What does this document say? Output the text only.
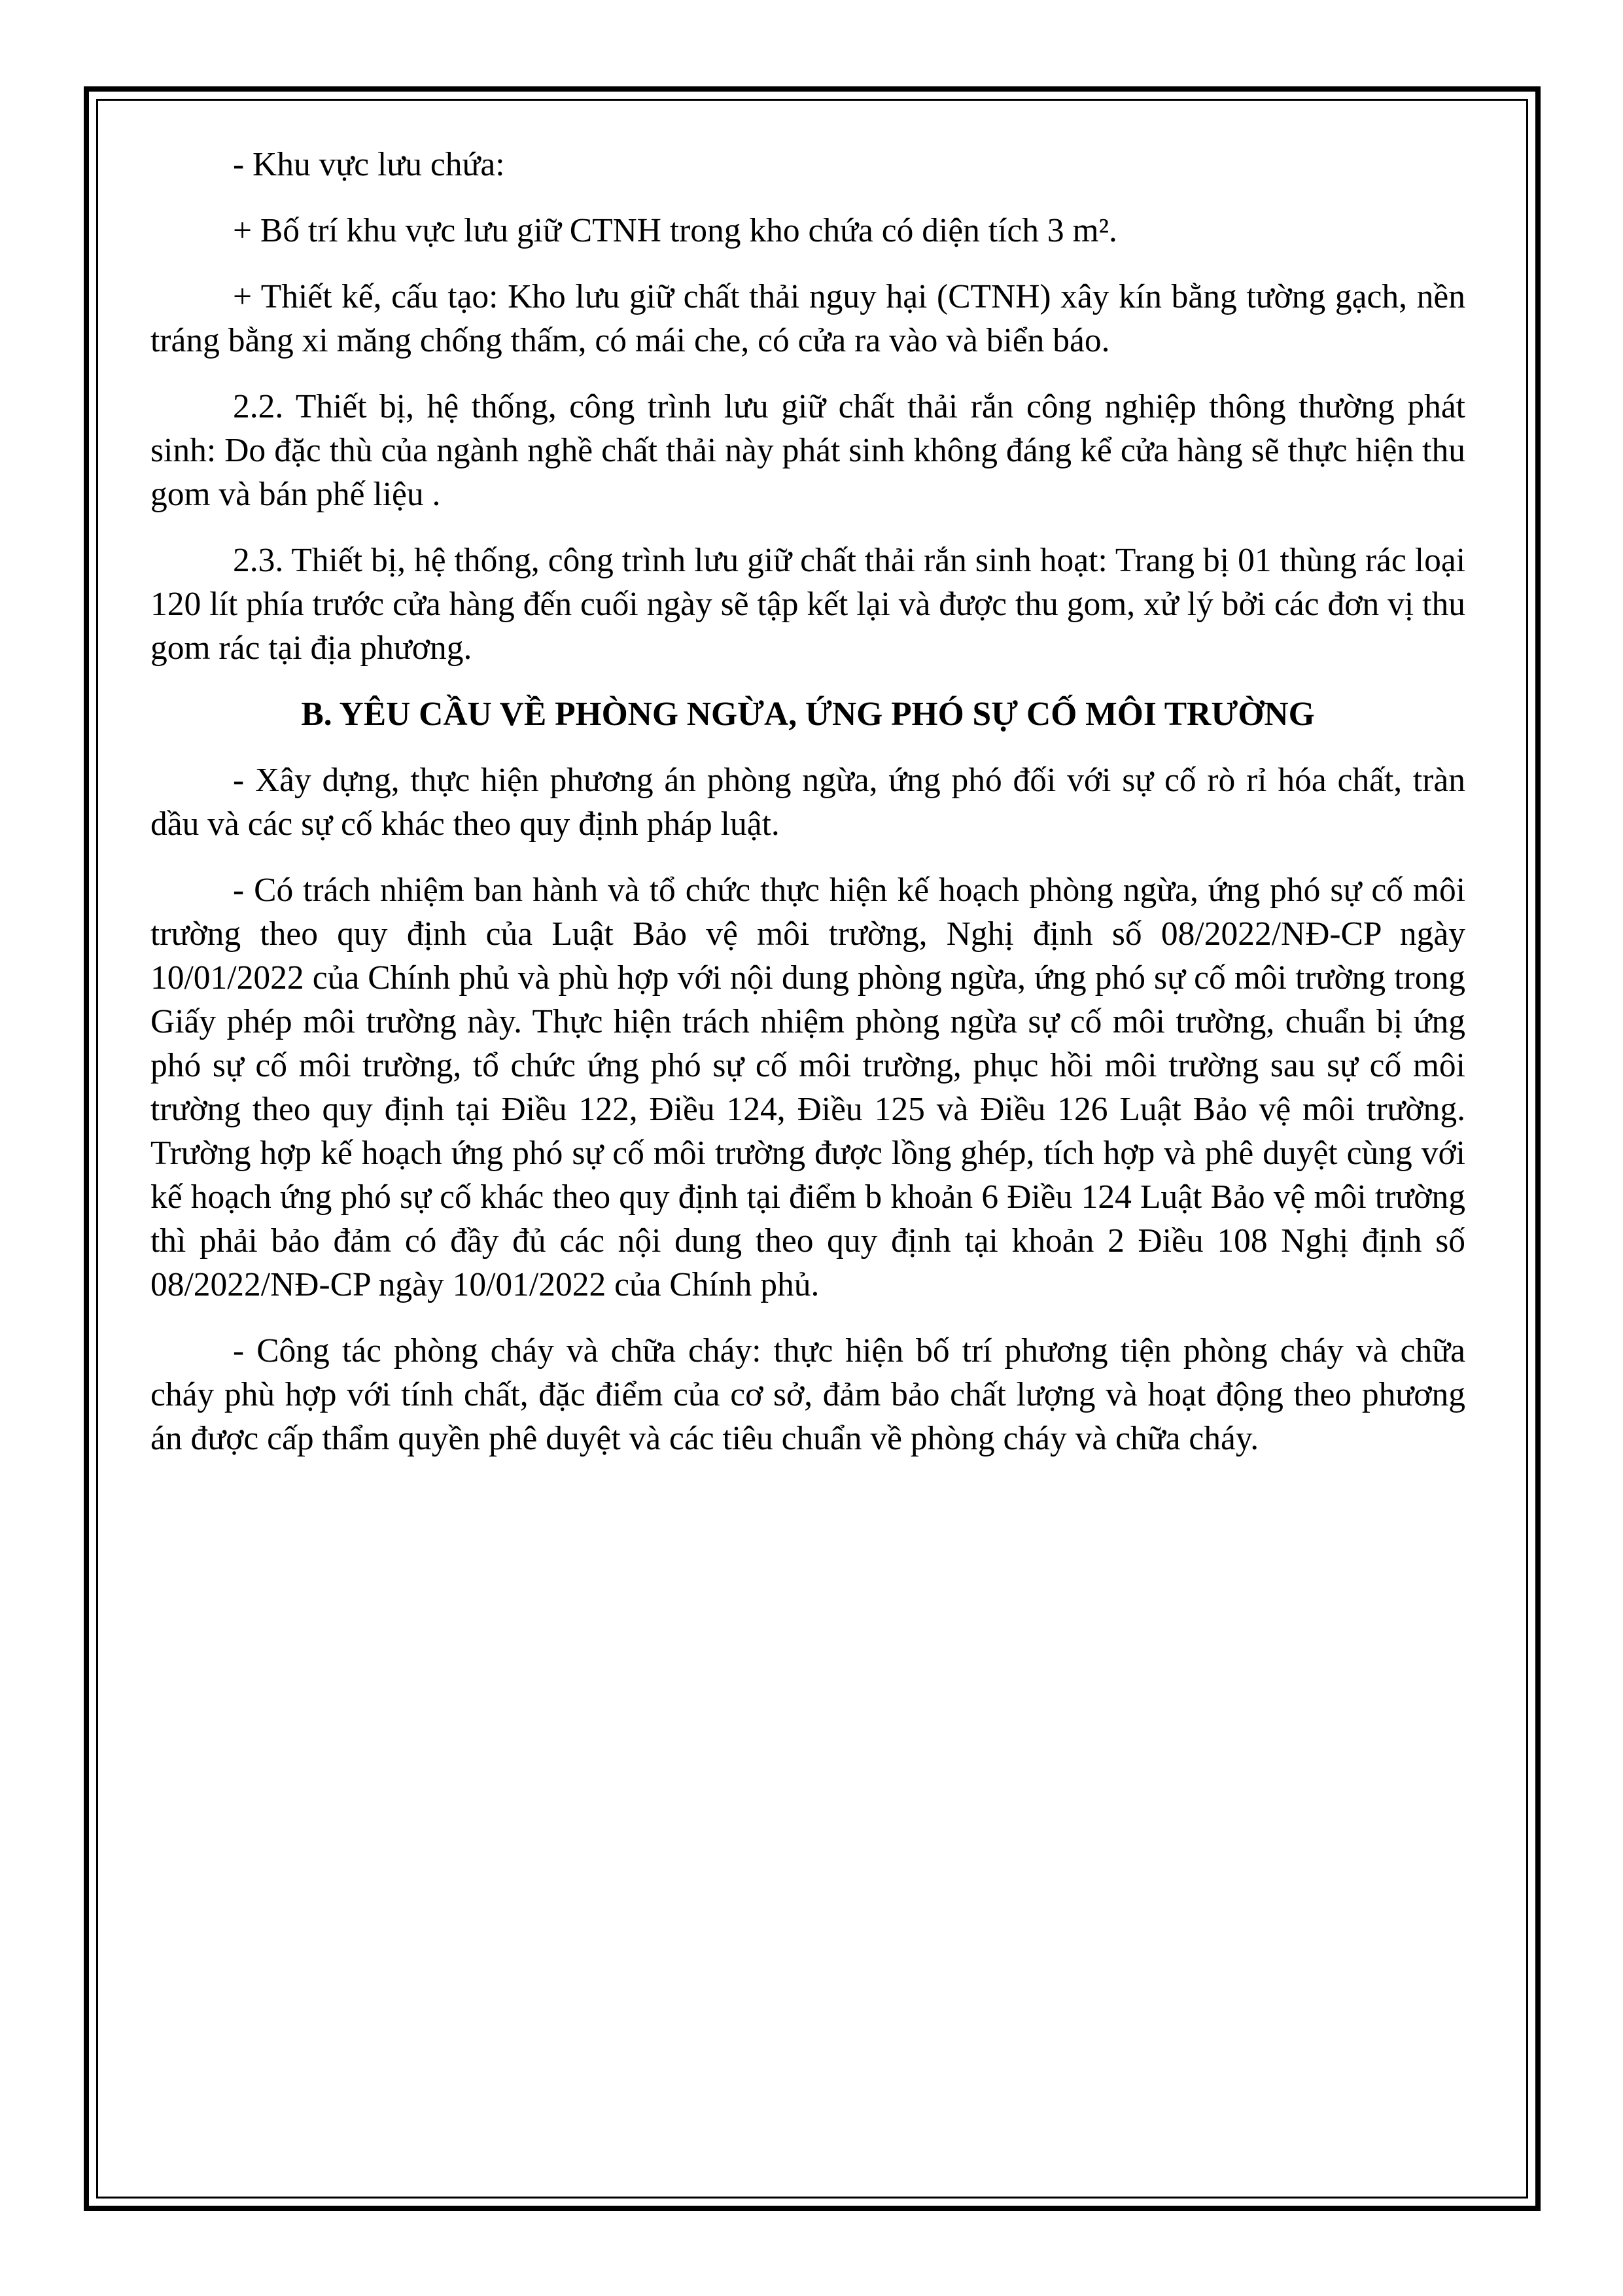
- Khu vực lưu chứa:

+ Bố trí khu vực lưu giữ CTNH trong kho chứa có diện tích 3 m².

+ Thiết kế, cấu tạo: Kho lưu giữ chất thải nguy hại (CTNH) xây kín bằng tường gạch, nền tráng bằng xi măng chống thấm, có mái che, có cửa ra vào và biển báo.

2.2. Thiết bị, hệ thống, công trình lưu giữ chất thải rắn công nghiệp thông thường phát sinh: Do đặc thù của ngành nghề chất thải này phát sinh không đáng kể cửa hàng sẽ thực hiện thu gom và bán phế liệu .

2.3. Thiết bị, hệ thống, công trình lưu giữ chất thải rắn sinh hoạt: Trang bị 01 thùng rác loại 120 lít phía trước cửa hàng đến cuối ngày sẽ tập kết lại và được thu gom, xử lý bởi các đơn vị thu gom rác tại địa phương.

B. YÊU CẦU VỀ PHÒNG NGỪA, ỨNG PHÓ SỰ CỐ MÔI TRƯỜNG

- Xây dựng, thực hiện phương án phòng ngừa, ứng phó đối với sự cố rò rỉ hóa chất, tràn dầu và các sự cố khác theo quy định pháp luật.

- Có trách nhiệm ban hành và tổ chức thực hiện kế hoạch phòng ngừa, ứng phó sự cố môi trường theo quy định của Luật Bảo vệ môi trường, Nghị định số 08/2022/NĐ-CP ngày 10/01/2022 của Chính phủ và phù hợp với nội dung phòng ngừa, ứng phó sự cố môi trường trong Giấy phép môi trường này. Thực hiện trách nhiệm phòng ngừa sự cố môi trường, chuẩn bị ứng phó sự cố môi trường, tổ chức ứng phó sự cố môi trường, phục hồi môi trường sau sự cố môi trường theo quy định tại Điều 122, Điều 124, Điều 125 và Điều 126 Luật Bảo vệ môi trường. Trường hợp kế hoạch ứng phó sự cố môi trường được lồng ghép, tích hợp và phê duyệt cùng với kế hoạch ứng phó sự cố khác theo quy định tại điểm b khoản 6 Điều 124 Luật Bảo vệ môi trường thì phải bảo đảm có đầy đủ các nội dung theo quy định tại khoản 2 Điều 108 Nghị định số 08/2022/NĐ-CP ngày 10/01/2022 của Chính phủ.

- Công tác phòng cháy và chữa cháy: thực hiện bố trí phương tiện phòng cháy và chữa cháy phù hợp với tính chất, đặc điểm của cơ sở, đảm bảo chất lượng và hoạt động theo phương án được cấp thẩm quyền phê duyệt và các tiêu chuẩn về phòng cháy và chữa cháy.
